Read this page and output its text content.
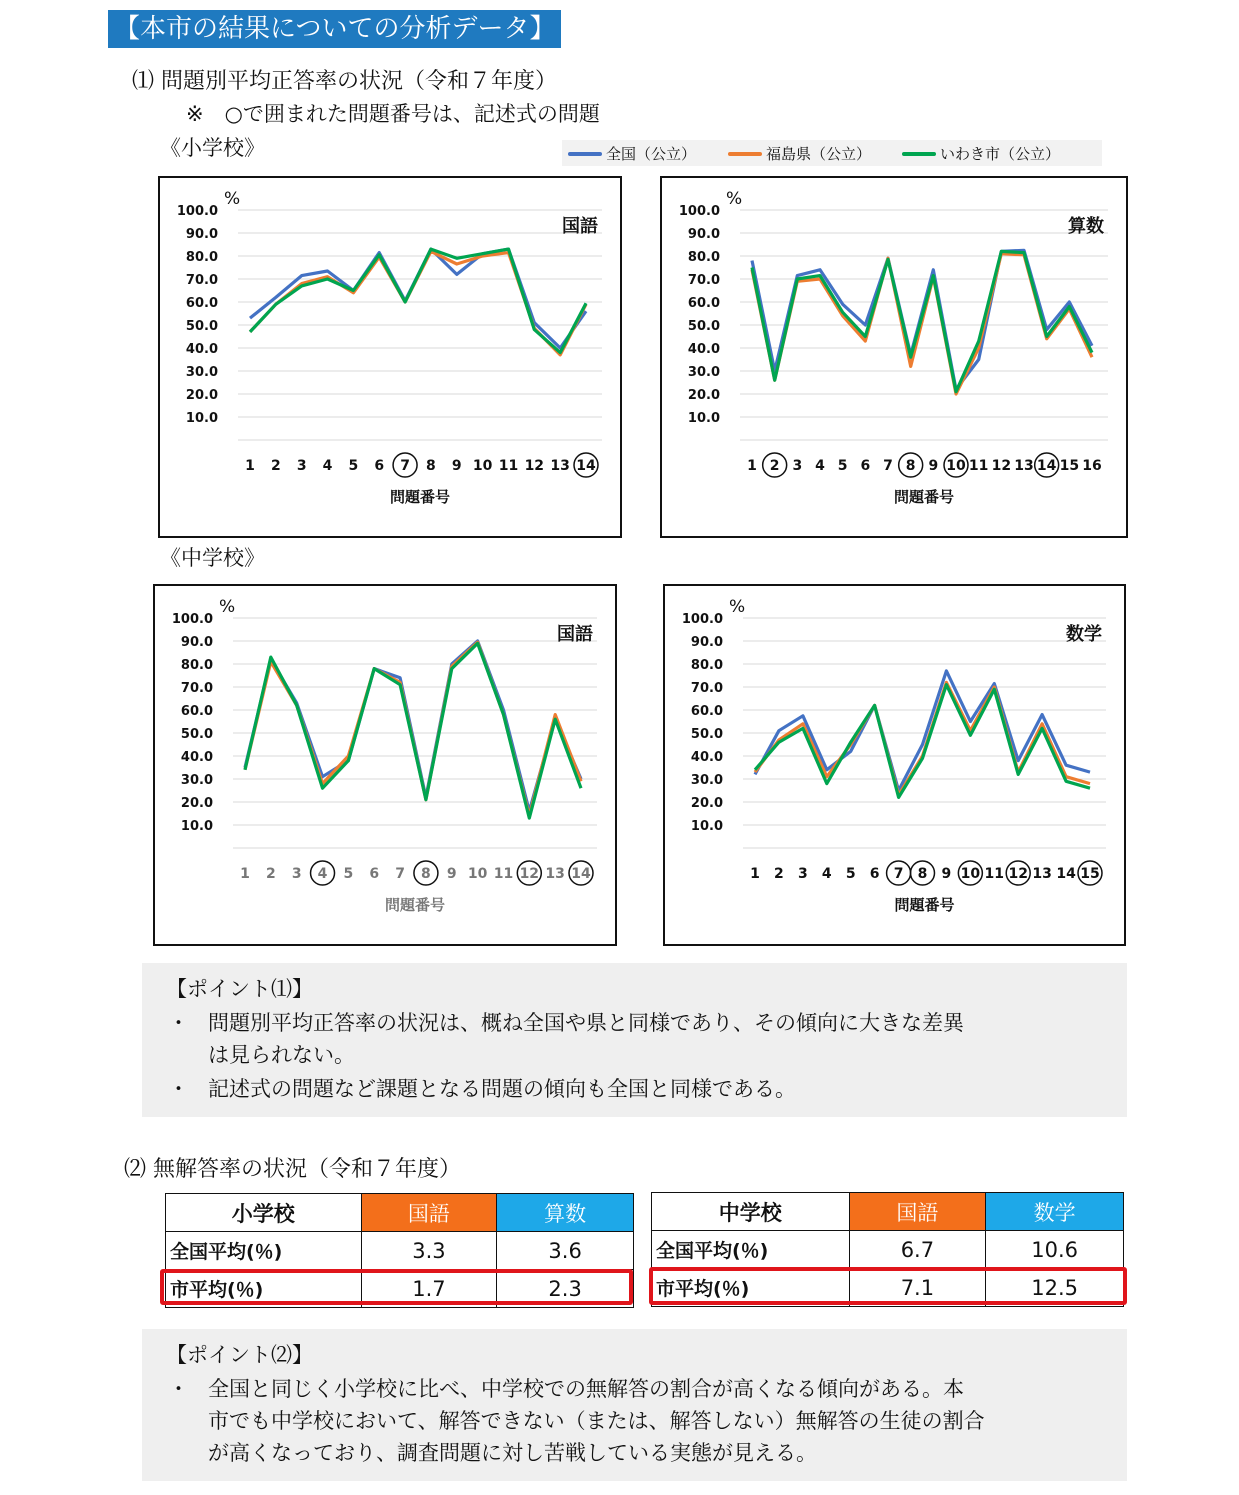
【本市の結果についての分析データ】
⑴ 問題別平均正答率の状況（令和７年度）
※　○で囲まれた問題番号は、記述式の問題
《小学校》	全国（公立）	福島県（公立）	いわき市（公立）
100.0
90.0
80.0
70.0
60.0
50.0
40.0
30.0
20.0
10.0
%
国語
1 2 3 4 5 6 7 8 9 10 11 12 13 14
問題番号
100.0
90.0
80.0
70.0
60.0
50.0
40.0
30.0
20.0
10.0
%
算数
1 2 3 4 5 6 7 8 9 10 11 12 13 14 15 16
問題番号
《中学校》
100.0
90.0
80.0
70.0
60.0
50.0
40.0
30.0
20.0
10.0
%
国語
1 2 3 4 5 6 7 8 9 10 11 12 13 14
問題番号
100.0
90.0
80.0
70.0
60.0
50.0
40.0
30.0
20.0
10.0
%
数学
1 2 3 4 5 6 7 8 9 10 11 12 13 14 15
問題番号
【ポイント⑴】
・ 問題別平均正答率の状況は、概ね全国や県と同様であり、その傾向に大きな差異
は見られない。
・ 記述式の問題など課題となる問題の傾向も全国と同様である。
⑵ 無解答率の状況（令和７年度）
小学校	国語	算数
全国平均(％)	3.3	3.6
市平均(％)	1.7	2.3
中学校	国語	数学
全国平均(％)	6.7	10.6
市平均(％)	7.1	12.5
【ポイント⑵】
・ 全国と同じく小学校に比べ、中学校での無解答の割合が高くなる傾向がある。本
市でも中学校において、解答できない（または、解答しない）無解答の生徒の割合
が高くなっており、調査問題に対し苦戦している実態が見える。
